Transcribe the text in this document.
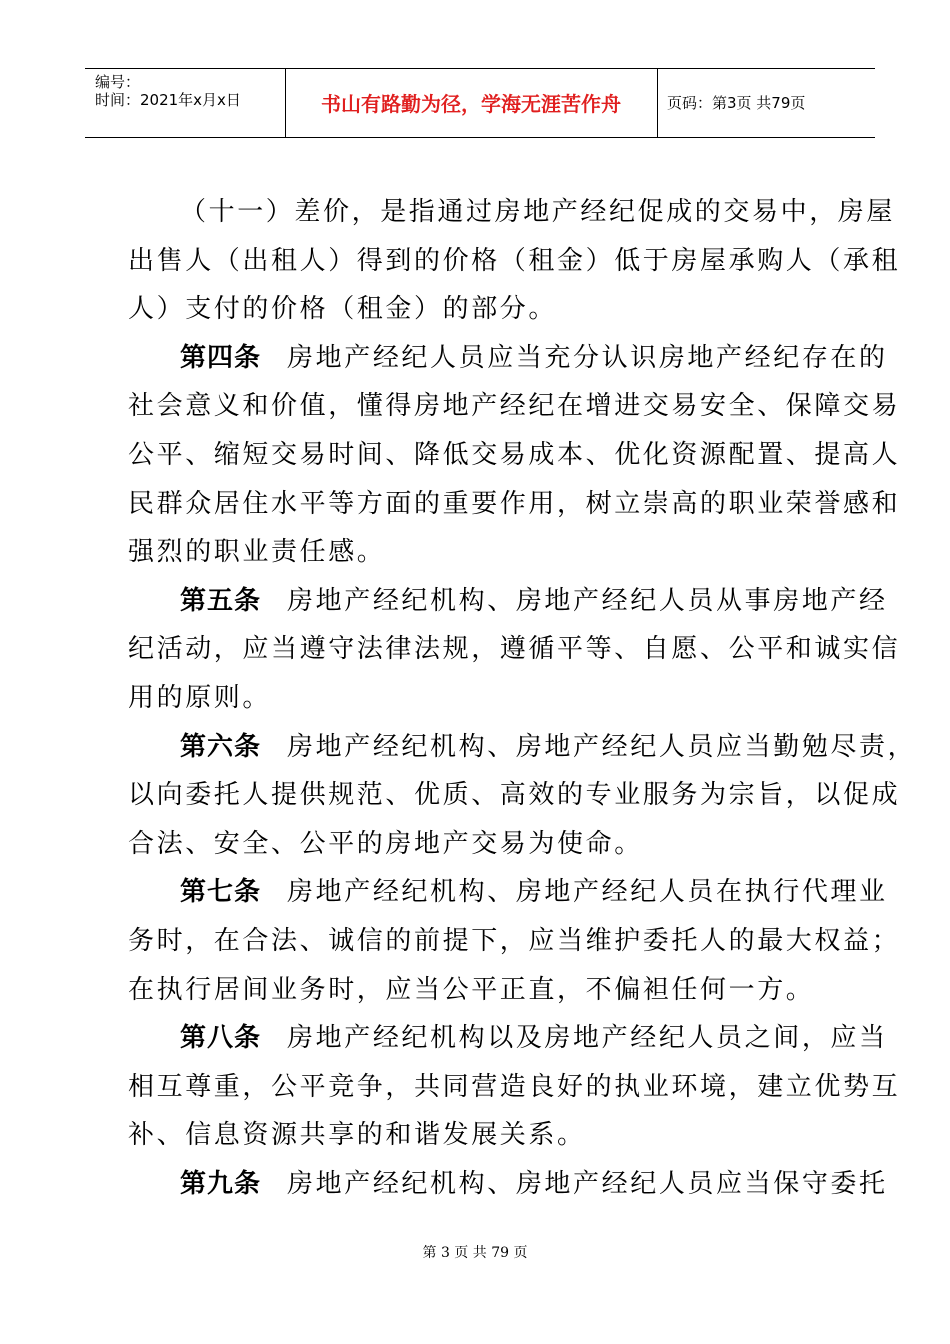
编号：
时间：2021年x月x日	书山有路勤为径，学海无涯苦作舟	页码：第3页 共79页
（十一）差价，是指通过房地产经纪促成的交易中，房屋
出售人（出租人）得到的价格（租金）低于房屋承购人（承租
人）支付的价格（租金）的部分。
第四条 房地产经纪人员应当充分认识房地产经纪存在的
社会意义和价值，懂得房地产经纪在增进交易安全、保障交易
公平、缩短交易时间、降低交易成本、优化资源配置、提高人
民群众居住水平等方面的重要作用，树立崇高的职业荣誉感和
强烈的职业责任感。
第五条 房地产经纪机构、房地产经纪人员从事房地产经
纪活动，应当遵守法律法规，遵循平等、自愿、公平和诚实信
用的原则。
第六条 房地产经纪机构、房地产经纪人员应当勤勉尽责，
以向委托人提供规范、优质、高效的专业服务为宗旨，以促成
合法、安全、公平的房地产交易为使命。
第七条 房地产经纪机构、房地产经纪人员在执行代理业
务时，在合法、诚信的前提下，应当维护委托人的最大权益；
在执行居间业务时，应当公平正直，不偏袒任何一方。
第八条 房地产经纪机构以及房地产经纪人员之间，应当
相互尊重，公平竞争，共同营造良好的执业环境，建立优势互
补、信息资源共享的和谐发展关系。
第九条 房地产经纪机构、房地产经纪人员应当保守委托
第 3 页 共 79 页
